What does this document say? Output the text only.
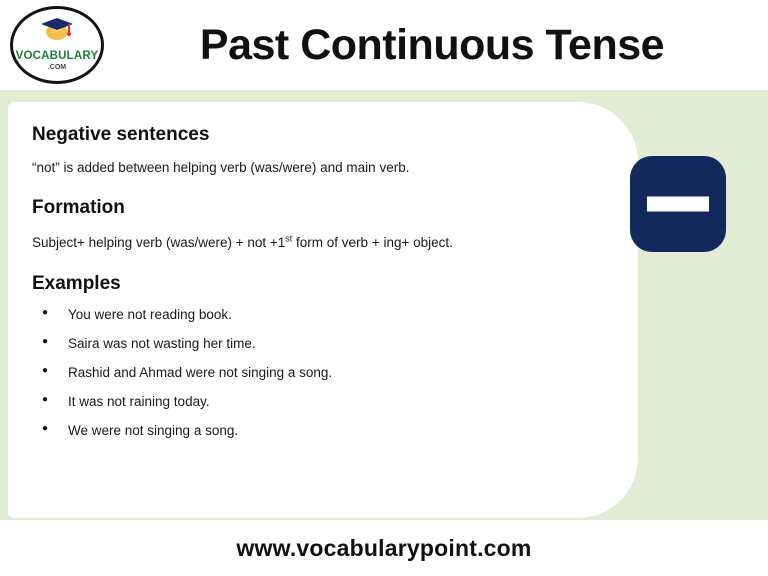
VOCABULARY
.COM	Past Continuous Tense
Negative sentences
“not” is added between helping verb (was/were) and main verb.
Formation
Subject+ helping verb (was/were) + not +1st form of verb + ing+ object.
Examples
● You were not reading book.
● Saira was not wasting her time.
● Rashid and Ahmad were not singing a song.
● It was not raining today.
● We were not singing a song.
www.vocabularypoint.com
